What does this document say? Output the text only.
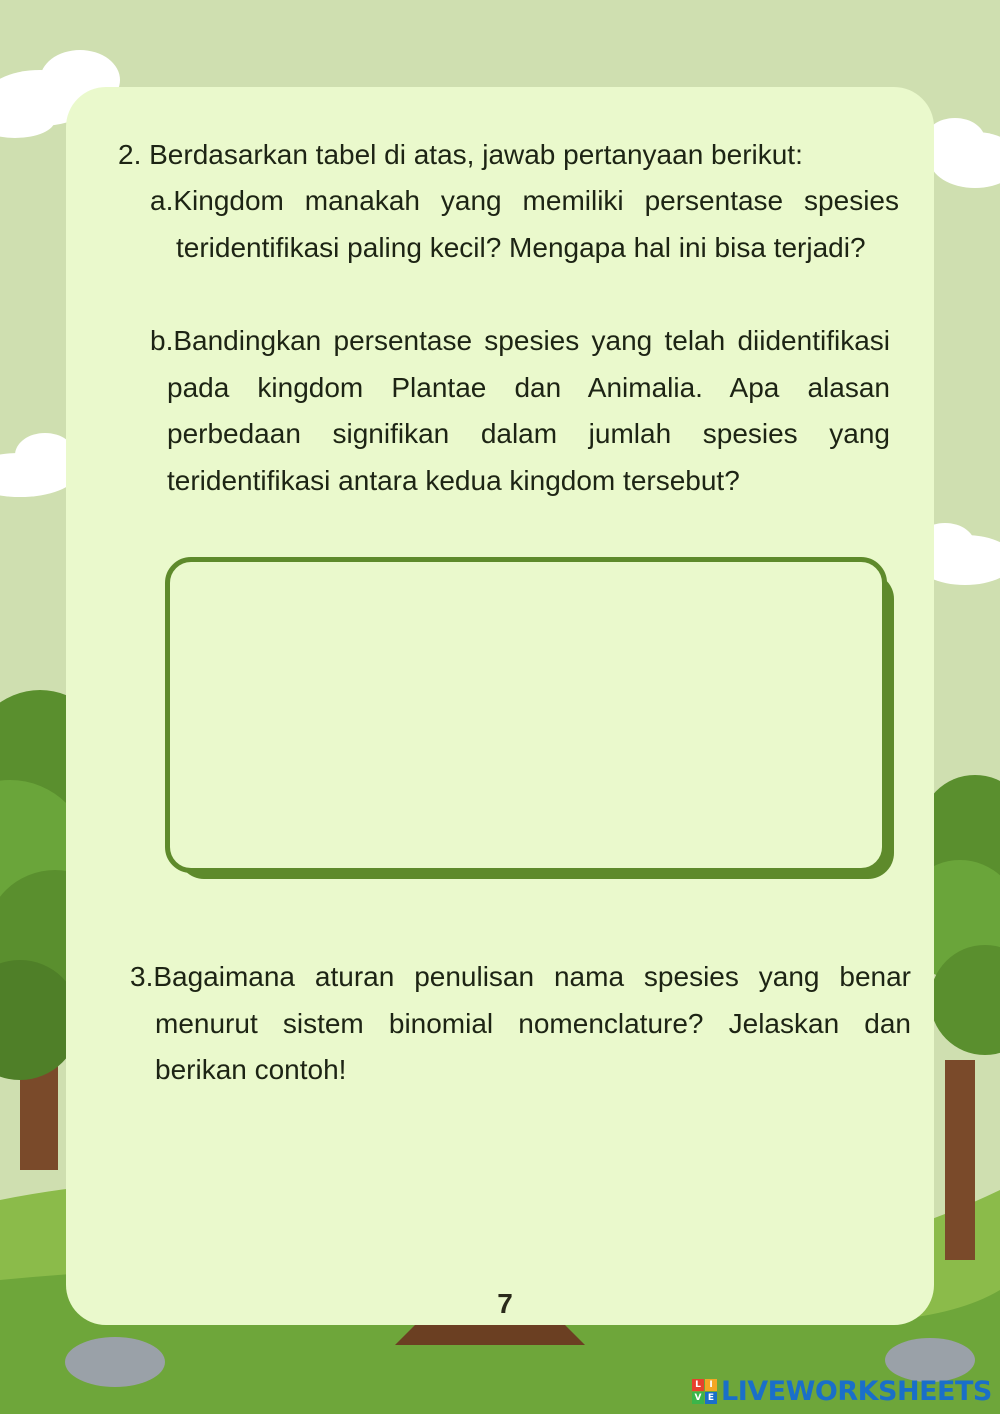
2. Berdasarkan tabel di atas, jawab pertanyaan berikut:

a.Kingdom manakah yang memiliki persentase spesies teridentifikasi paling kecil? Mengapa hal ini bisa terjadi?

b.Bandingkan persentase spesies yang telah diidentifikasi pada kingdom Plantae dan Animalia. Apa alasan perbedaan signifikan dalam jumlah spesies yang teridentifikasi antara kedua kingdom tersebut?

3.Bagaimana aturan penulisan nama spesies yang benar menurut sistem binomial nomenclature? Jelaskan dan berikan contoh!

7
L I
V E LIVEWORKSHEETS
